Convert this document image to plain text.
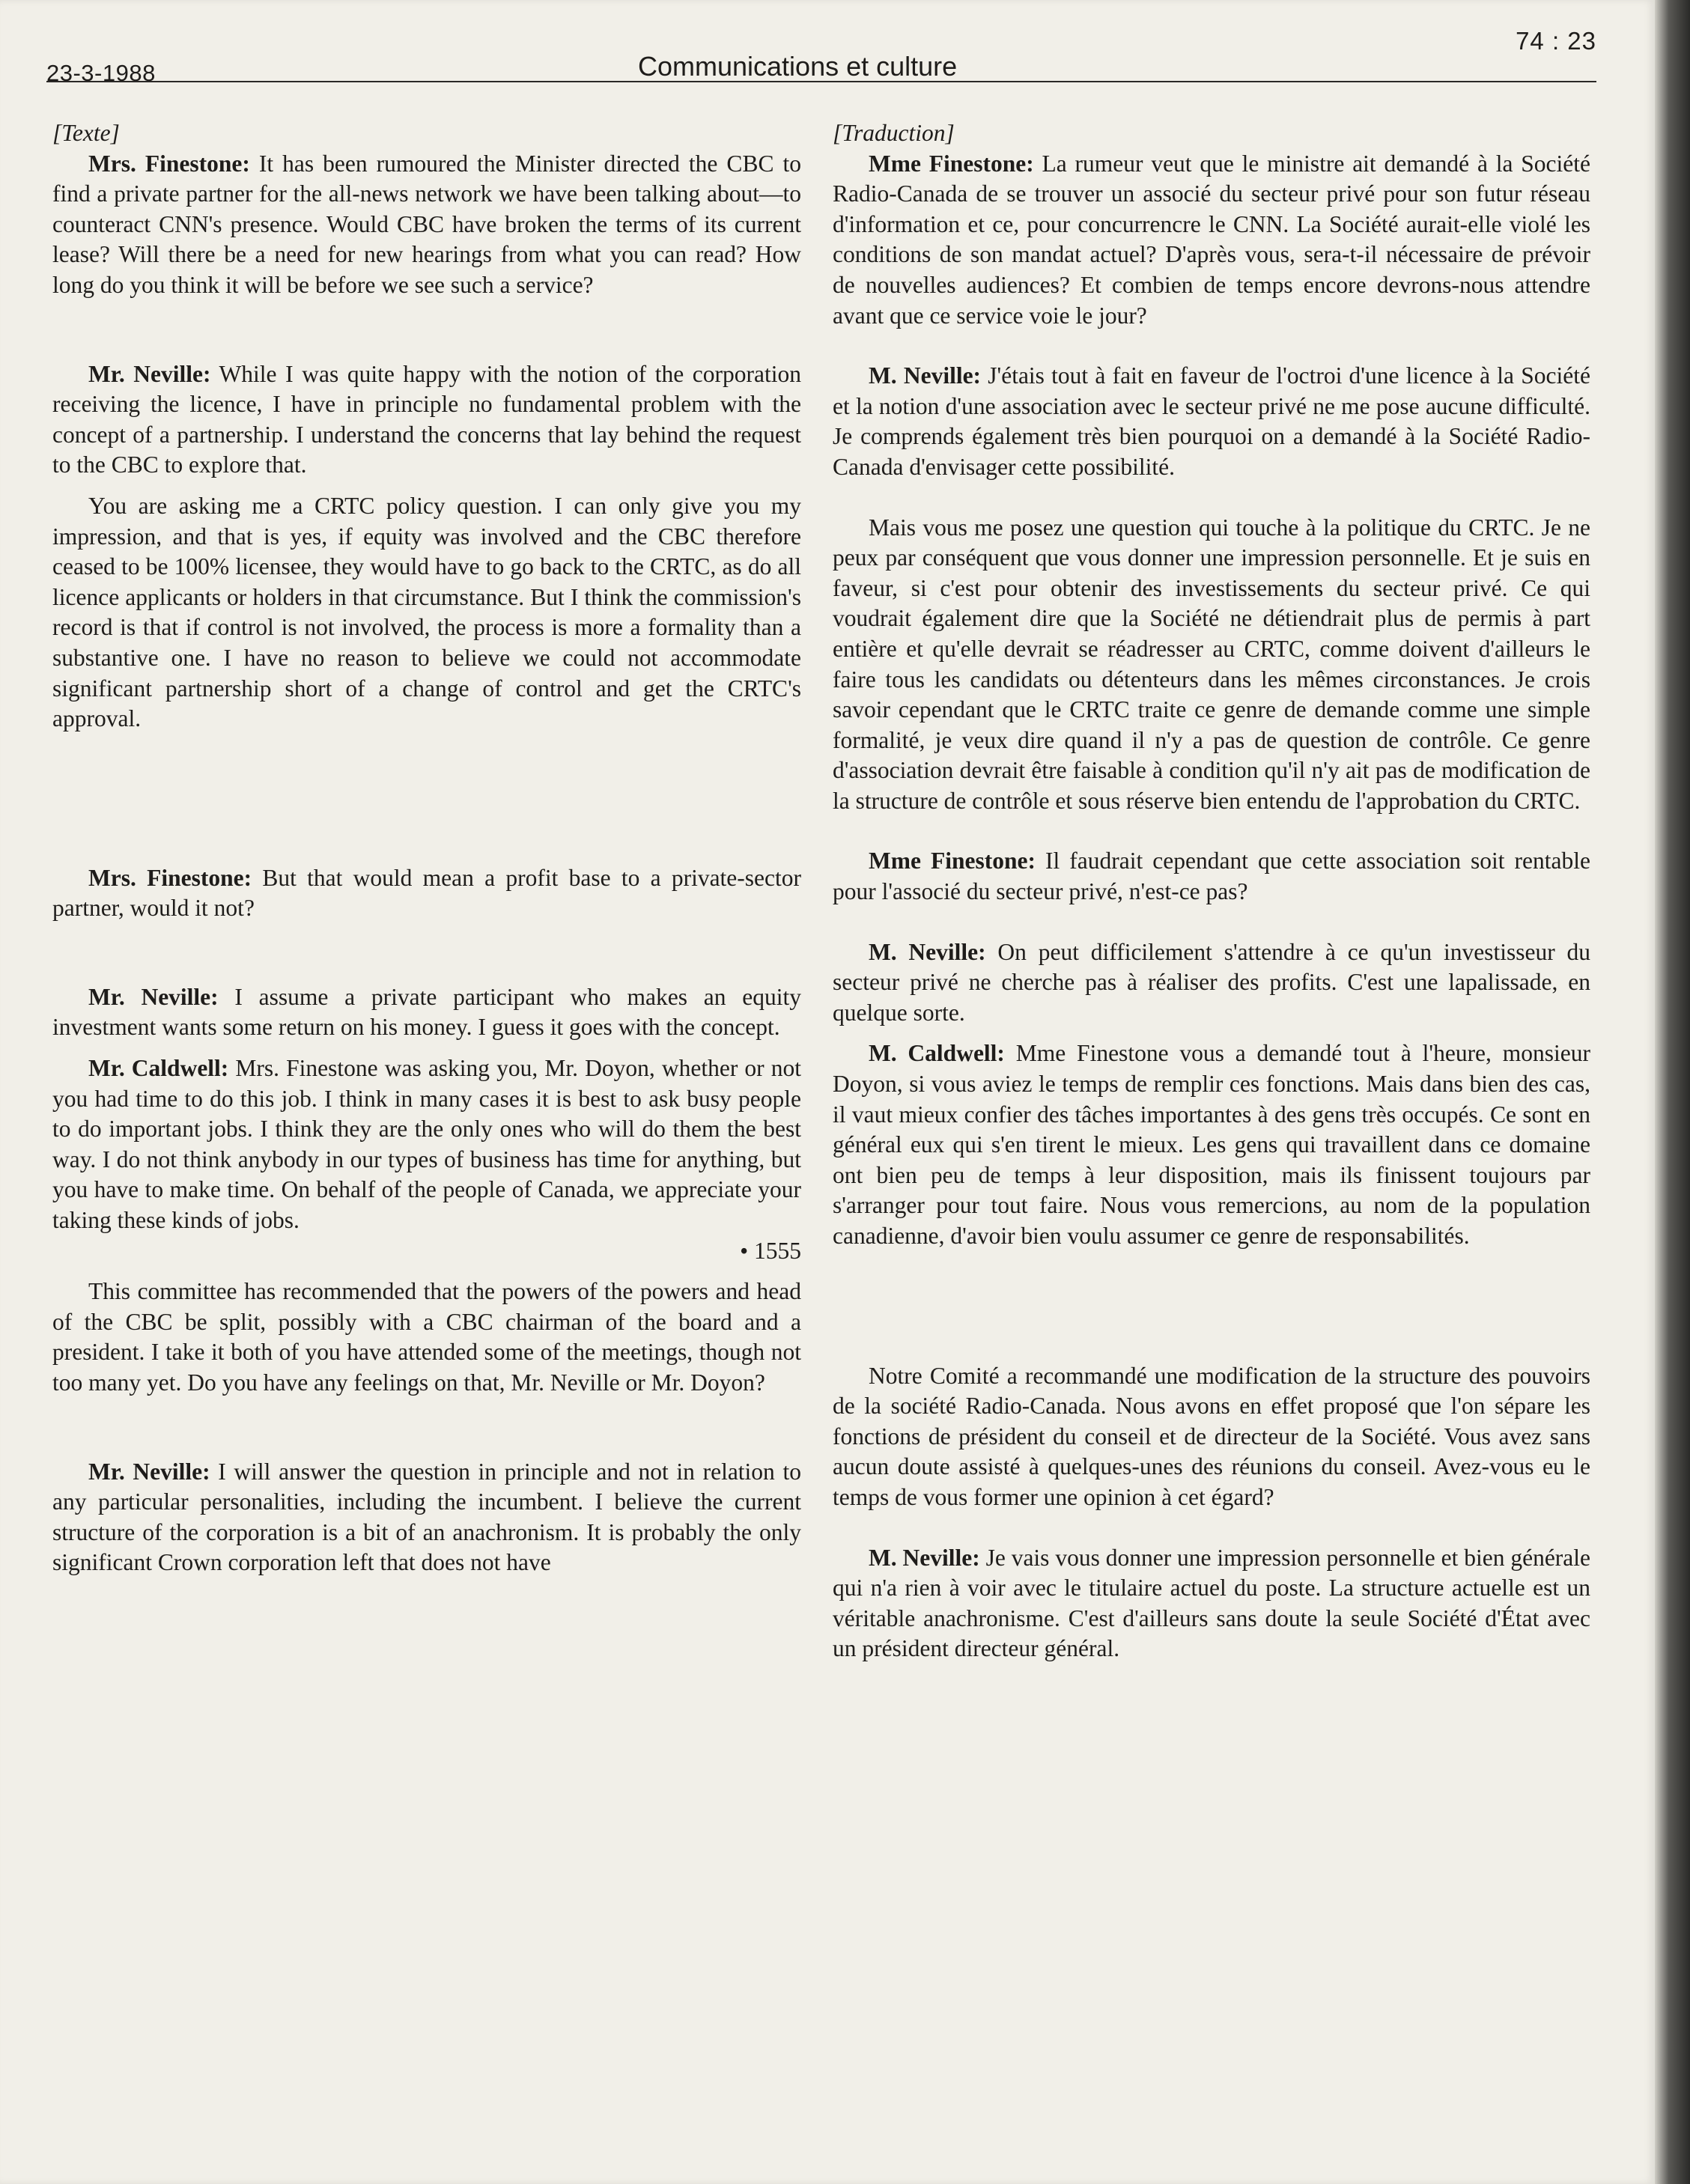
23-3-1988	Communications et culture
74 : 23

[Texte]

Mrs. Finestone: It has been rumoured the Minister directed the CBC to find a private partner for the all-news network we have been talking about—to counteract CNN's presence. Would CBC have broken the terms of its current lease? Will there be a need for new hearings from what you can read? How long do you think it will be before we see such a service?

Mr. Neville: While I was quite happy with the notion of the corporation receiving the licence, I have in principle no fundamental problem with the concept of a partnership. I understand the concerns that lay behind the request to the CBC to explore that.

You are asking me a CRTC policy question. I can only give you my impression, and that is yes, if equity was involved and the CBC therefore ceased to be 100% licensee, they would have to go back to the CRTC, as do all licence applicants or holders in that circumstance. But I think the commission's record is that if control is not involved, the process is more a formality than a substantive one. I have no reason to believe we could not accommodate significant partnership short of a change of control and get the CRTC's approval.

Mrs. Finestone: But that would mean a profit base to a private-sector partner, would it not?

Mr. Neville: I assume a private participant who makes an equity investment wants some return on his money. I guess it goes with the concept.

Mr. Caldwell: Mrs. Finestone was asking you, Mr. Doyon, whether or not you had time to do this job. I think in many cases it is best to ask busy people to do important jobs. I think they are the only ones who will do them the best way. I do not think anybody in our types of business has time for anything, but you have to make time. On behalf of the people of Canada, we appreciate your taking these kinds of jobs.

• 1555

This committee has recommended that the powers of the powers and head of the CBC be split, possibly with a CBC chairman of the board and a president. I take it both of you have attended some of the meetings, though not too many yet. Do you have any feelings on that, Mr. Neville or Mr. Doyon?

Mr. Neville: I will answer the question in principle and not in relation to any particular personalities, including the incumbent. I believe the current structure of the corporation is a bit of an anachronism. It is probably the only significant Crown corporation left that does not have

[Traduction]

Mme Finestone: La rumeur veut que le ministre ait demandé à la Société Radio-Canada de se trouver un associé du secteur privé pour son futur réseau d'information et ce, pour concurrencre le CNN. La Société aurait-elle violé les conditions de son mandat actuel? D'après vous, sera-t-il nécessaire de prévoir de nouvelles audiences? Et combien de temps encore devrons-nous attendre avant que ce service voie le jour?

M. Neville: J'étais tout à fait en faveur de l'octroi d'une licence à la Société et la notion d'une association avec le secteur privé ne me pose aucune difficulté. Je comprends également très bien pourquoi on a demandé à la Société Radio-Canada d'envisager cette possibilité.

Mais vous me posez une question qui touche à la politique du CRTC. Je ne peux par conséquent que vous donner une impression personnelle. Et je suis en faveur, si c'est pour obtenir des investissements du secteur privé. Ce qui voudrait également dire que la Société ne détiendrait plus de permis à part entière et qu'elle devrait se réadresser au CRTC, comme doivent d'ailleurs le faire tous les candidats ou détenteurs dans les mêmes circonstances. Je crois savoir cependant que le CRTC traite ce genre de demande comme une simple formalité, je veux dire quand il n'y a pas de question de contrôle. Ce genre d'association devrait être faisable à condition qu'il n'y ait pas de modification de la structure de contrôle et sous réserve bien entendu de l'approbation du CRTC.

Mme Finestone: Il faudrait cependant que cette association soit rentable pour l'associé du secteur privé, n'est-ce pas?

M. Neville: On peut difficilement s'attendre à ce qu'un investisseur du secteur privé ne cherche pas à réaliser des profits. C'est une lapalissade, en quelque sorte.

M. Caldwell: Mme Finestone vous a demandé tout à l'heure, monsieur Doyon, si vous aviez le temps de remplir ces fonctions. Mais dans bien des cas, il vaut mieux confier des tâches importantes à des gens très occupés. Ce sont en général eux qui s'en tirent le mieux. Les gens qui travaillent dans ce domaine ont bien peu de temps à leur disposition, mais ils finissent toujours par s'arranger pour tout faire. Nous vous remercions, au nom de la population canadienne, d'avoir bien voulu assumer ce genre de responsabilités.

Notre Comité a recommandé une modification de la structure des pouvoirs de la société Radio-Canada. Nous avons en effet proposé que l'on sépare les fonctions de président du conseil et de directeur de la Société. Vous avez sans aucun doute assisté à quelques-unes des réunions du conseil. Avez-vous eu le temps de vous former une opinion à cet égard?

M. Neville: Je vais vous donner une impression personnelle et bien générale qui n'a rien à voir avec le titulaire actuel du poste. La structure actuelle est un véritable anachronisme. C'est d'ailleurs sans doute la seule Société d'État avec un président directeur général.
